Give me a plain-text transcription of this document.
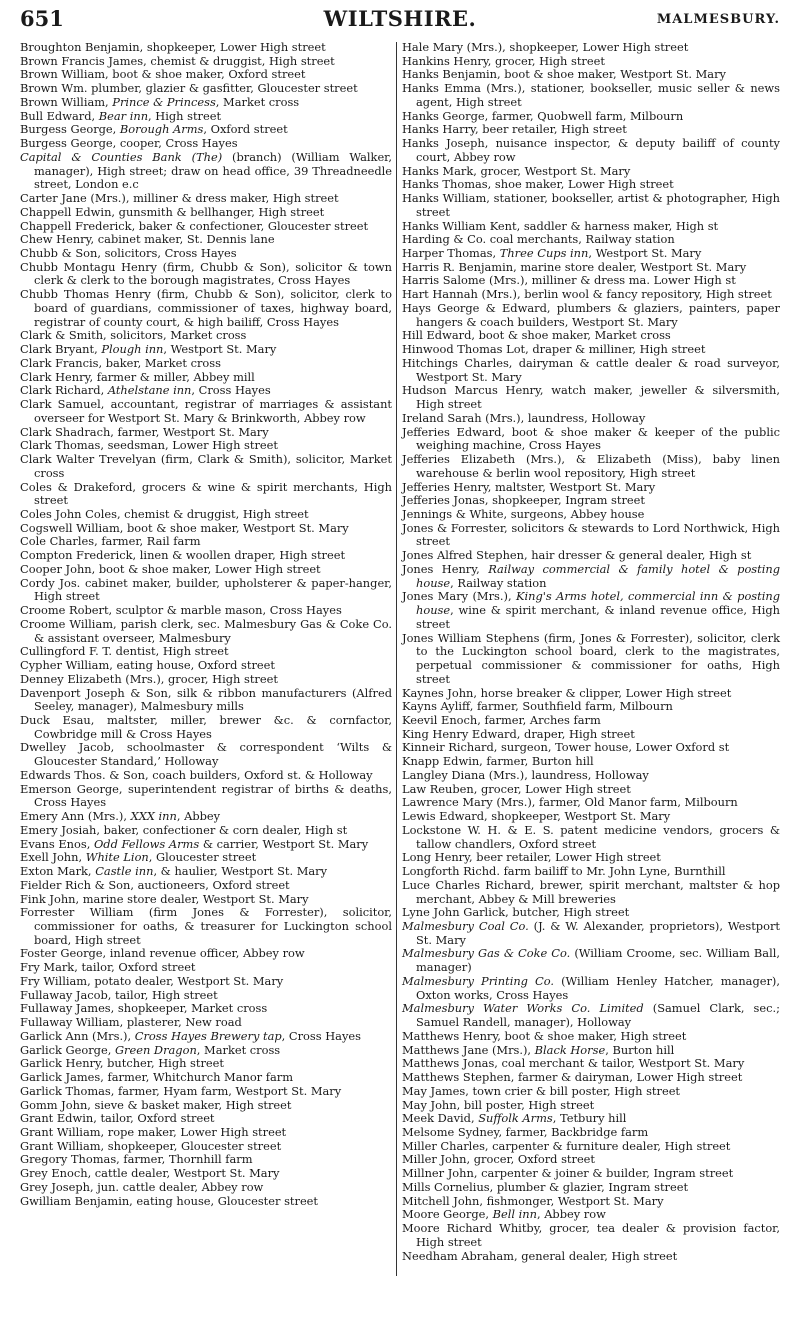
651	WILTSHIRE.	MALMESBURY.
Broughton Benjamin, shopkeeper, Lower High street
Brown Francis James, chemist & druggist, High street
Brown William, boot & shoe maker, Oxford street
Brown Wm. plumber, glazier & gasfitter, Gloucester street
Brown William, Prince & Princess, Market cross
Bull Edward, Bear inn, High street
Burgess George, Borough Arms, Oxford street
Burgess George, cooper, Cross Hayes
Capital & Counties Bank (The) (branch) (William Walker, manager), High street; draw on head office, 39 Threadneedle street, London e.c
Carter Jane (Mrs.), milliner & dress maker, High street
Chappell Edwin, gunsmith & bellhanger, High street
Chappell Frederick, baker & confectioner, Gloucester street
Chew Henry, cabinet maker, St. Dennis lane
Chubb & Son, solicitors, Cross Hayes
Chubb Montagu Henry (firm, Chubb & Son), solicitor & town clerk & clerk to the borough magistrates, Cross Hayes
Chubb Thomas Henry (firm, Chubb & Son), solicitor, clerk to board of guardians, commissioner of taxes, highway board, registrar of county court, & high bailiff, Cross Hayes
Clark & Smith, solicitors, Market cross
Clark Bryant, Plough inn, Westport St. Mary
Clark Francis, baker, Market cross
Clark Henry, farmer & miller, Abbey mill
Clark Richard, Athelstane inn, Cross Hayes
Clark Samuel, accountant, registrar of marriages & assistant overseer for Westport St. Mary & Brinkworth, Abbey row
Clark Shadrach, farmer, Westport St. Mary
Clark Thomas, seedsman, Lower High street
Clark Walter Trevelyan (firm, Clark & Smith), solicitor, Market cross
Coles & Drakeford, grocers & wine & spirit merchants, High street
Coles John Coles, chemist & druggist, High street
Cogswell William, boot & shoe maker, Westport St. Mary
Cole Charles, farmer, Rail farm
Compton Frederick, linen & woollen draper, High street
Cooper John, boot & shoe maker, Lower High street
Cordy Jos. cabinet maker, builder, upholsterer & paper-hanger, High street
Croome Robert, sculptor & marble mason, Cross Hayes
Croome William, parish clerk, sec. Malmesbury Gas & Coke Co. & assistant overseer, Malmesbury
Cullingford F. T. dentist, High street
Cypher William, eating house, Oxford street
Denney Elizabeth (Mrs.), grocer, High street
Davenport Joseph & Son, silk & ribbon manufacturers (Alfred Seeley, manager), Malmesbury mills
Duck Esau, maltster, miller, brewer &c. & cornfactor, Cowbridge mill & Cross Hayes
Dwelley Jacob, schoolmaster & correspondent ‘Wilts & Gloucester Standard,’ Holloway
Edwards Thos. & Son, coach builders, Oxford st. & Holloway
Emerson George, superintendent registrar of births & deaths, Cross Hayes
Emery Ann (Mrs.), XXX inn, Abbey
Emery Josiah, baker, confectioner & corn dealer, High st
Evans Enos, Odd Fellows Arms & carrier, Westport St. Mary
Exell John, White Lion, Gloucester street
Exton Mark, Castle inn, & haulier, Westport St. Mary
Fielder Rich & Son, auctioneers, Oxford street
Fink John, marine store dealer, Westport St. Mary
Forrester William (firm Jones & Forrester), solicitor, commissioner for oaths, & treasurer for Luckington school board, High street
Foster George, inland revenue officer, Abbey row
Fry Mark, tailor, Oxford street
Fry William, potato dealer, Westport St. Mary
Fullaway Jacob, tailor, High street
Fullaway James, shopkeeper, Market cross
Fullaway William, plasterer, New road
Garlick Ann (Mrs.), Cross Hayes Brewery tap, Cross Hayes
Garlick George, Green Dragon, Market cross
Garlick Henry, butcher, High street
Garlick James, farmer, Whitchurch Manor farm
Garlick Thomas, farmer, Hyam farm, Westport St. Mary
Gomm John, sieve & basket maker, High street
Grant Edwin, tailor, Oxford street
Grant William, rope maker, Lower High street
Grant William, shopkeeper, Gloucester street
Gregory Thomas, farmer, Thornhill farm
Grey Enoch, cattle dealer, Westport St. Mary
Grey Joseph, jun. cattle dealer, Abbey row
Gwilliam Benjamin, eating house, Gloucester street
Hale Mary (Mrs.), shopkeeper, Lower High street
Hankins Henry, grocer, High street
Hanks Benjamin, boot & shoe maker, Westport St. Mary
Hanks Emma (Mrs.), stationer, bookseller, music seller & news agent, High street
Hanks George, farmer, Quobwell farm, Milbourn
Hanks Harry, beer retailer, High street
Hanks Joseph, nuisance inspector, & deputy bailiff of county court, Abbey row
Hanks Mark, grocer, Westport St. Mary
Hanks Thomas, shoe maker, Lower High street
Hanks William, stationer, bookseller, artist & photographer, High street
Hanks William Kent, saddler & harness maker, High st
Harding & Co. coal merchants, Railway station
Harper Thomas, Three Cups inn, Westport St. Mary
Harris R. Benjamin, marine store dealer, Westport St. Mary
Harris Salome (Mrs.), milliner & dress ma. Lower High st
Hart Hannah (Mrs.), berlin wool & fancy repository, High street
Hays George & Edward, plumbers & glaziers, painters, paper hangers & coach builders, Westport St. Mary
Hill Edward, boot & shoe maker, Market cross
Hinwood Thomas Lot, draper & milliner, High street
Hitchings Charles, dairyman & cattle dealer & road surveyor, Westport St. Mary
Hudson Marcus Henry, watch maker, jeweller & silversmith, High street
Ireland Sarah (Mrs.), laundress, Holloway
Jefferies Edward, boot & shoe maker & keeper of the public weighing machine, Cross Hayes
Jefferies Elizabeth (Mrs.), & Elizabeth (Miss), baby linen warehouse & berlin wool repository, High street
Jefferies Henry, maltster, Westport St. Mary
Jefferies Jonas, shopkeeper, Ingram street
Jennings & White, surgeons, Abbey house
Jones & Forrester, solicitors & stewards to Lord Northwick, High street
Jones Alfred Stephen, hair dresser & general dealer, High st
Jones Henry, Railway commercial & family hotel & posting house, Railway station
Jones Mary (Mrs.), King's Arms hotel, commercial inn & posting house, wine & spirit merchant, & inland revenue office, High street
Jones William Stephens (firm, Jones & Forrester), solicitor, clerk to the Luckington school board, clerk to the magistrates, perpetual commissioner & commissioner for oaths, High street
Kaynes John, horse breaker & clipper, Lower High street
Kayns Ayliff, farmer, Southfield farm, Milbourn
Keevil Enoch, farmer, Arches farm
King Henry Edward, draper, High street
Kinneir Richard, surgeon, Tower house, Lower Oxford st
Knapp Edwin, farmer, Burton hill
Langley Diana (Mrs.), laundress, Holloway
Law Reuben, grocer, Lower High street
Lawrence Mary (Mrs.), farmer, Old Manor farm, Milbourn
Lewis Edward, shopkeeper, Westport St. Mary
Lockstone W. H. & E. S. patent medicine vendors, grocers & tallow chandlers, Oxford street
Long Henry, beer retailer, Lower High street
Longforth Richd. farm bailiff to Mr. John Lyne, Burnthill
Luce Charles Richard, brewer, spirit merchant, maltster & hop merchant, Abbey & Mill breweries
Lyne John Garlick, butcher, High street
Malmesbury Coal Co. (J. & W. Alexander, proprietors), Westport St. Mary
Malmesbury Gas & Coke Co. (William Croome, sec. William Ball, manager)
Malmesbury Printing Co. (William Henley Hatcher, manager), Oxton works, Cross Hayes
Malmesbury Water Works Co. Limited (Samuel Clark, sec.; Samuel Randell, manager), Holloway
Matthews Henry, boot & shoe maker, High street
Matthews Jane (Mrs.), Black Horse, Burton hill
Matthews Jonas, coal merchant & tailor, Westport St. Mary
Matthews Stephen, farmer & dairyman, Lower High street
May James, town crier & bill poster, High street
May John, bill poster, High street
Meek David, Suffolk Arms, Tetbury hill
Melsome Sydney, farmer, Backbridge farm
Miller Charles, carpenter & furniture dealer, High street
Miller John, grocer, Oxford street
Millner John, carpenter & joiner & builder, Ingram street
Mills Cornelius, plumber & glazier, Ingram street
Mitchell John, fishmonger, Westport St. Mary
Moore George, Bell inn, Abbey row
Moore Richard Whitby, grocer, tea dealer & provision factor, High street
Needham Abraham, general dealer, High street
